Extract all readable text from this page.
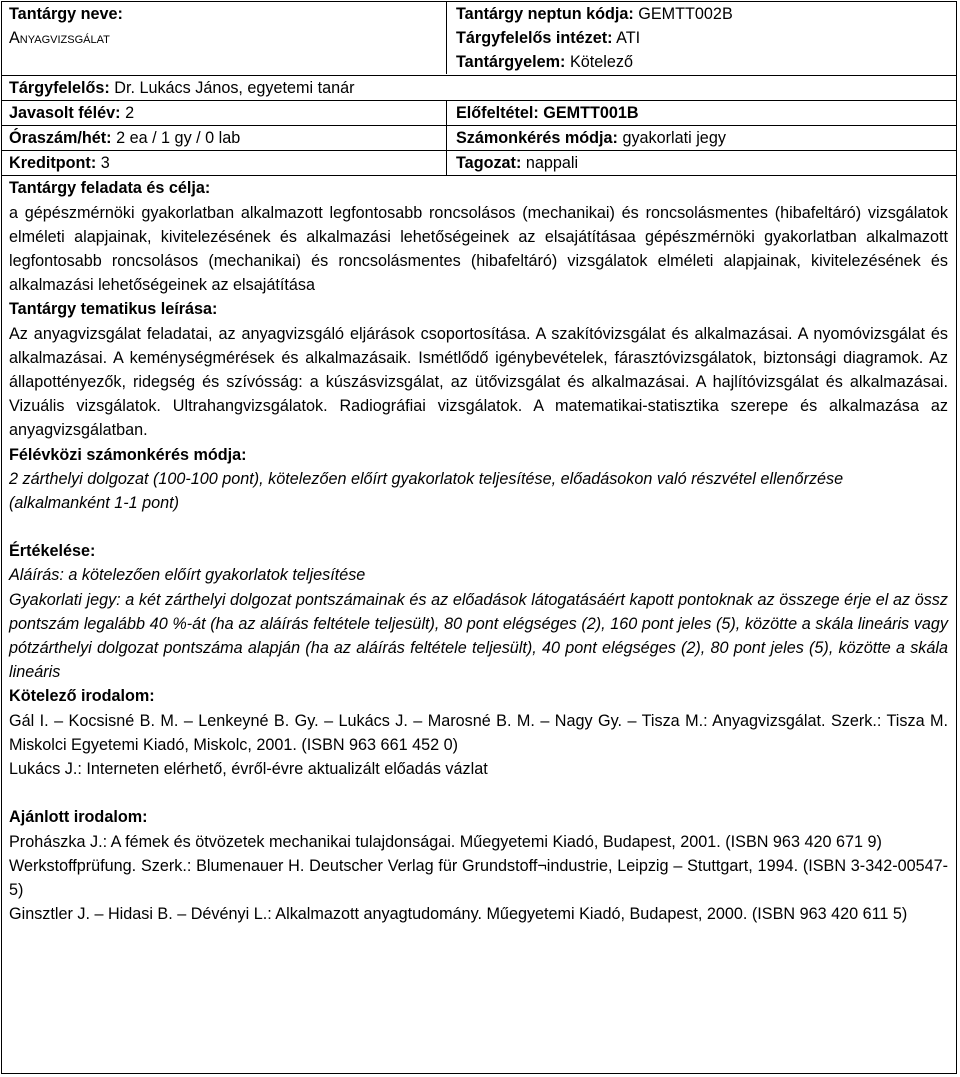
Tantárgy neve:
Anyagvizsgálat
Tantárgy neptun kódja: GEMTT002B
Tárgyfelelős intézet: ATI
Tantárgyelem: Kötelező
Tárgyfelelős: Dr. Lukács János, egyetemi tanár
Javasolt félév: 2	Előfeltétel: GEMTT001B
Óraszám/hét: 2 ea / 1 gy / 0 lab	Számonkérés módja: gyakorlati jegy
Kreditpont: 3	Tagozat: nappali
Tantárgy feladata és célja:
a gépészmérnöki gyakorlatban alkalmazott legfontosabb roncsolásos (mechanikai) és roncsolásmentes (hibafeltáró) vizsgálatok elméleti alapjainak, kivitelezésének és alkalmazási lehetőségeinek az elsajátításaa gépészmérnöki gyakorlatban alkalmazott legfontosabb roncsolásos (mechanikai) és roncsolásmentes (hibafeltáró) vizsgálatok elméleti alapjainak, kivitelezésének és alkalmazási lehetőségeinek az elsajátítása
Tantárgy tematikus leírása:
Az anyagvizsgálat feladatai, az anyagvizsgáló eljárások csoportosítása. A szakítóvizsgálat és alkalmazásai. A nyomóvizsgálat és alkalmazásai. A keménységmérések és alkalmazásaik. Ismétlődő igénybevételek, fárasztóvizsgálatok, biztonsági diagramok. Az állapottényezők, ridegség és szívósság: a kúszásvizsgálat, az ütővizsgálat és alkalmazásai. A hajlítóvizsgálat és alkalmazásai. Vizuális vizsgálatok. Ultrahangvizsgálatok. Radiográfiai vizsgálatok. A matematikai-statisztika szerepe és alkalmazása az anyagvizsgálatban.
Félévközi számonkérés módja:
2 zárthelyi dolgozat (100-100 pont), kötelezően előírt gyakorlatok teljesítése, előadásokon való részvétel ellenőrzése (alkalmanként 1-1 pont)
Értékelése:
Aláírás: a kötelezően előírt gyakorlatok teljesítése
Gyakorlati jegy: a két zárthelyi dolgozat pontszámainak és az előadások látogatásáért kapott pontoknak az összege érje el az össz pontszám legalább 40 %-át (ha az aláírás feltétele teljesült), 80 pont elégséges (2), 160 pont jeles (5), közötte a skála lineáris vagy pótzárthelyi dolgozat pontszáma alapján (ha az aláírás feltétele teljesült), 40 pont elégséges (2), 80 pont jeles (5), közötte a skála lineáris
Kötelező irodalom:
Gál I. – Kocsisné B. M. – Lenkeyné B. Gy. – Lukács J. – Marosné B. M. – Nagy Gy. – Tisza M.: Anyagvizsgálat. Szerk.: Tisza M. Miskolci Egyetemi Kiadó, Miskolc, 2001. (ISBN 963 661 452 0)
Lukács J.: Interneten elérhető, évről-évre aktualizált előadás vázlat
Ajánlott irodalom:
Prohászka J.: A fémek és ötvözetek mechanikai tulajdonságai. Műegyetemi Kiadó, Budapest, 2001. (ISBN 963 420 671 9)
Werkstoffprüfung. Szerk.: Blumenauer H. Deutscher Verlag für Grundstoff¬industrie, Leipzig – Stuttgart, 1994. (ISBN 3-342-00547-5)
Ginsztler J. – Hidasi B. – Dévényi L.: Alkalmazott anyagtudomány. Műegyetemi Kiadó, Budapest, 2000. (ISBN 963 420 611 5)
